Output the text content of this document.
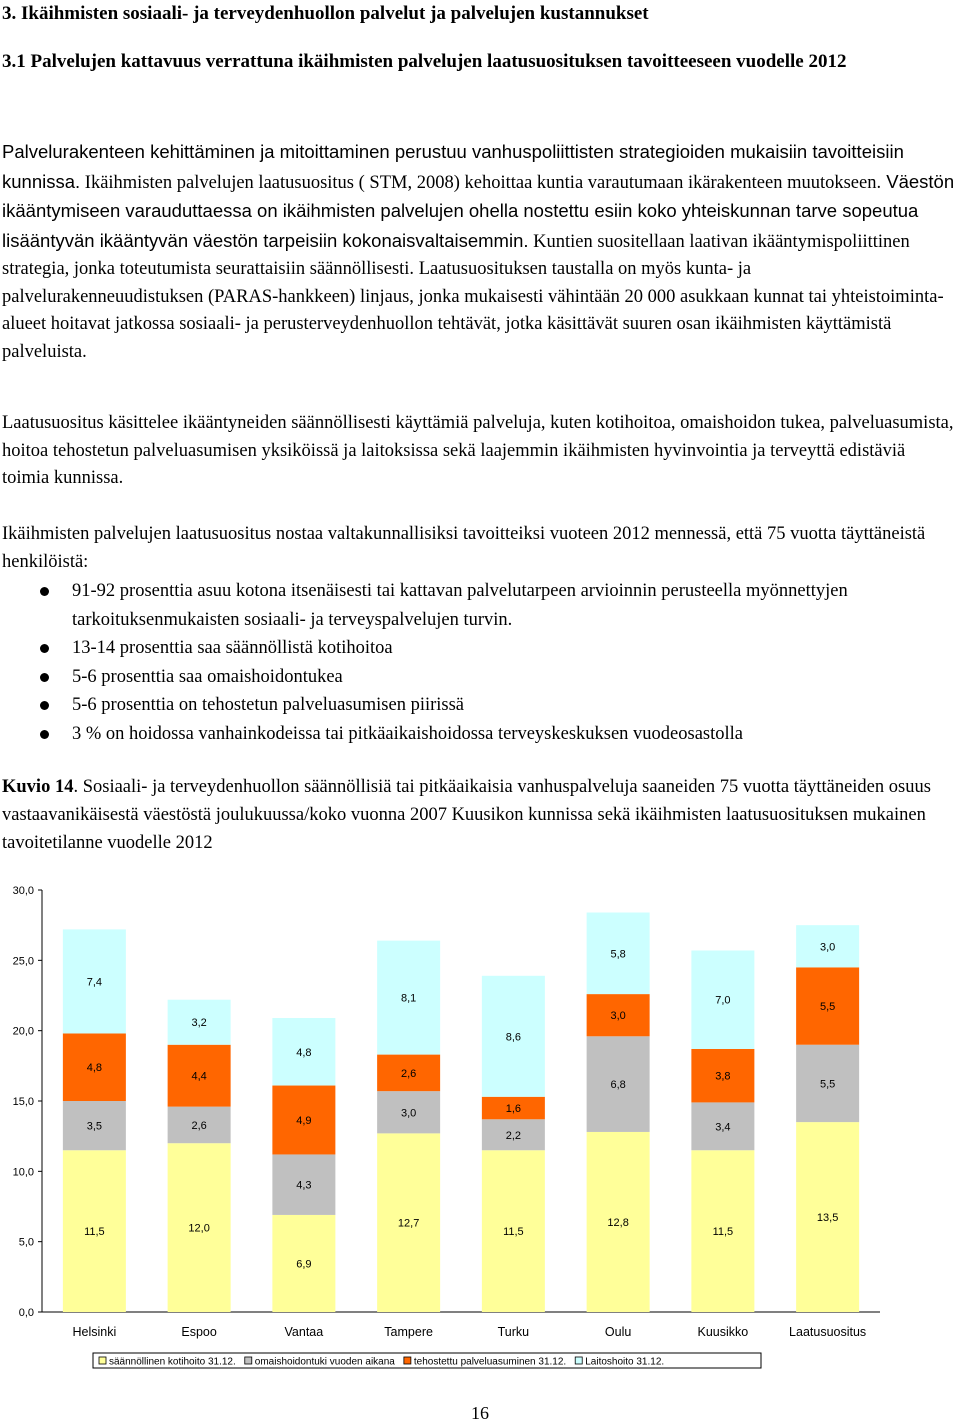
3. Ikäihmisten sosiaali- ja terveydenhuollon palvelut ja palvelujen kustannukset
3.1 Palvelujen kattavuus verrattuna ikäihmisten palvelujen laatusuosituksen tavoitteeseen vuodelle 2012
Palvelurakenteen kehittäminen ja mitoittaminen perustuu vanhuspoliittisten strategioiden mukaisiin tavoitteisiin kunnissa. Ikäihmisten palvelujen laatusuositus ( STM, 2008) kehoittaa kuntia varautumaan ikärakenteen muutokseen. Väestön ikääntymiseen varauduttaessa on ikäihmisten palvelujen ohella nostettu esiin koko yhteiskunnan tarve sopeutua lisääntyvän ikääntyvän väestön tarpeisiin kokonaisvaltaisemmin. Kuntien suositellaan laativan ikääntymispoliittinen strategia, jonka toteutumista seurattaisiin säännöllisesti. Laatusuosituksen taustalla on myös kunta- ja palvelurakenneuudistuksen (PARAS-hankkeen) linjaus, jonka mukaisesti vähintään 20 000 asukkaan kunnat tai yhteistoiminta-alueet hoitavat jatkossa sosiaali- ja perusterveydenhuollon tehtävät, jotka käsittävät suuren osan ikäihmisten käyttämistä palveluista.
Laatusuositus käsittelee ikääntyneiden säännöllisesti käyttämiä palveluja, kuten kotihoitoa, omaishoidon tukea, palveluasumista, hoitoa tehostetun palveluasumisen yksiköissä ja laitoksissa sekä laajemmin ikäihmisten hyvinvointia ja terveyttä edistäviä toimia kunnissa.
Ikäihmisten palvelujen laatusuositus nostaa valtakunnallisiksi tavoitteiksi vuoteen 2012 mennessä, että 75 vuotta täyttäneistä henkilöistä:
91-92 prosenttia asuu kotona itsenäisesti tai kattavan palvelutarpeen arvioinnin perusteella myönnettyjen tarkoituksenmukaisten sosiaali- ja terveyspalvelujen turvin.
13-14 prosenttia saa säännöllistä kotihoitoa
5-6 prosenttia saa omaishoidontukea
5-6 prosenttia on tehostetun palveluasumisen piirissä
3 % on hoidossa vanhainkodeissa tai pitkäaikaishoidossa terveyskeskuksen vuodeosastolla
Kuvio 14. Sosiaali- ja terveydenhuollon säännöllisiä tai pitkäaikaisia vanhuspalveluja saaneiden 75 vuotta täyttäneiden osuus vastaavanikäisestä väestöstä joulukuussa/koko vuonna 2007 Kuusikon kunnissa sekä ikäihmisten laatusuosituksen mukainen tavoitetilanne vuodelle 2012
0,0
5,0
10,0
15,0
20,0
25,0
30,0
Helsinki	Espoo	Vantaa	Tampere	Turku	Oulu	Kuusikko	Laatusuositus
11,5
3,5
4,8
7,4
12,0
2,6
4,4
3,2
6,9
4,3
4,9
4,8
12,7
3,0
2,6
8,1
11,5
2,2
1,6
8,6
12,8
6,8
3,0
5,8
11,5
3,4
3,8
7,0
13,5
5,5
5,5
3,0
säännöllinen kotihoito 31.12. omaishoidontuki vuoden aikana tehostettu palveluasuminen 31.12. Laitoshoito 31.12.
16
